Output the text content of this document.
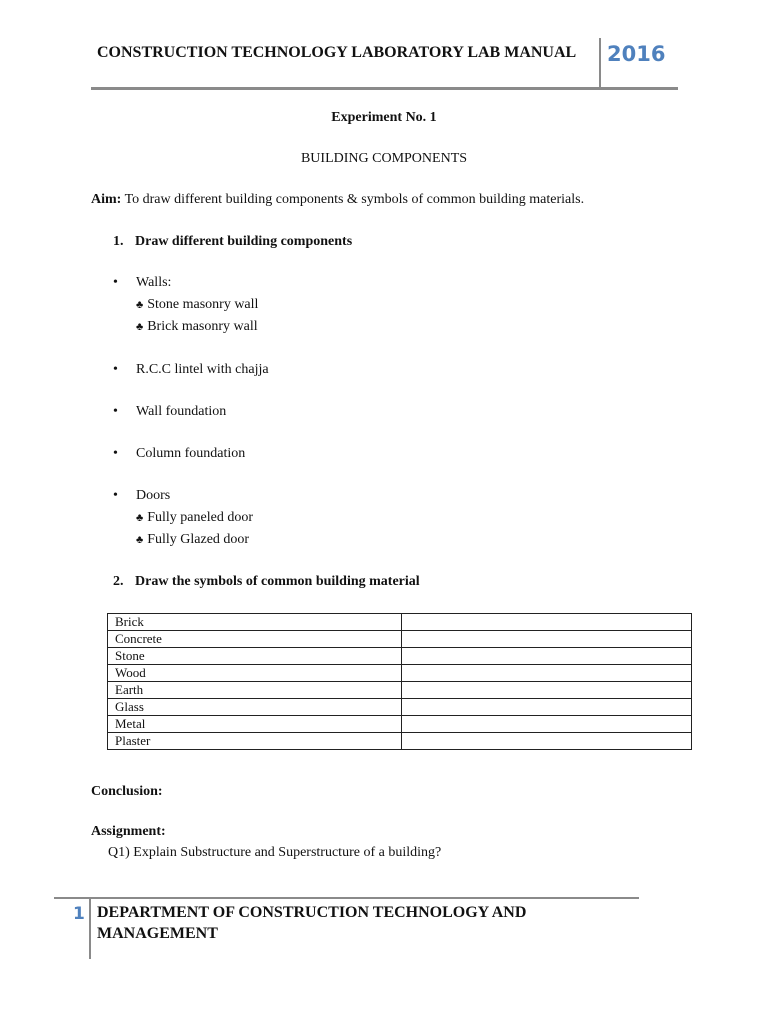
CONSTRUCTION TECHNOLOGY LABORATORY LAB MANUAL	2016
Experiment No. 1
BUILDING COMPONENTS
Aim: To draw different building components & symbols of common building materials.
1. Draw different building components
• Walls:
♣ Stone masonry wall
♣ Brick masonry wall
• R.C.C lintel with chajja
• Wall foundation
• Column foundation
• Doors
♣ Fully paneled door
♣ Fully Glazed door
2. Draw the symbols of common building material
Brick	
Concrete	
Stone	
Wood	
Earth	
Glass	
Metal	
Plaster	
Conclusion:
Assignment:
Q1) Explain Substructure and Superstructure of a building?
1 DEPARTMENT OF CONSTRUCTION TECHNOLOGY AND MANAGEMENT
